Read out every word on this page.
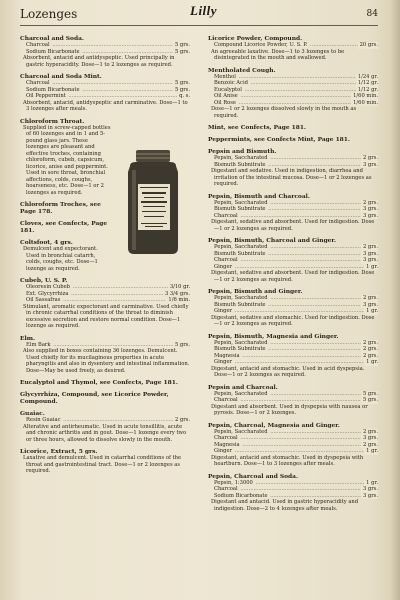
Lozenges	Lilly	84
Charcoal and Soda.
Charcoal	5 grs.
.....
Sodium Bicarbonate	5 grs.
.....
Absorbent, antacid and antidyspeptic. Used principally in gastric hyperacidity. Dose—1 to 2 lozenges as required.
Charcoal and Soda Mint.
Charcoal	5 grs.
.....
Sodium Bicarbonate	5 grs.
.....
Oil Peppermint	q. s.
.....
Absorbent, antacid, antidyspeptic and carminative. Dose—1 to 3 lozenges after meals.
Chloroform Throat.
Supplied in screw-capped bottles of 60 lozenges and in 1 and 5-pound glass jars. These lozenges are pleasant and effective troches, containing chloroform, cubeb, capsicum, licorice, anise and peppermint. Used in sore throat, bronchial affections, colds, coughs, hoarseness, etc. Dose—1 or 2 lozenges as required.
Chloroform Troches, see Page 178.
Cloves, see Confects, Page 181.
Coltsfoot, 4 grs.
Demulcent and expectorant. Used in bronchial catarrh, colds, coughs, etc. Dose—1 lozenge as required.
Cubeb, U. S. P.
Oleoresin Cubeb	3/10 gr.
.....
Ext. Glycyrrhiza	3 3/4 grs.
.....
Oil Sassafras	1/6 min.
.....
Stimulant, aromatic expectorant and carminative. Used chiefly in chronic catarrhal conditions of the throat to diminish excessive secretion and restore normal condition. Dose—1 lozenge as required.
Elm.
Elm Bark	5 grs.
.....
Also supplied in boxes containing 36 lozenges. Demulcent. Used chiefly for its mucilaginous properties in acute pharyngitis and also in dysentery and intestinal inflammation. Dose—May be used freely, as desired.
Eucalyptol and Thymol, see Confects, Page 181.
Glycyrrhiza, Compound, see Licorice Powder, Compound.
Guaiac.
Resin Guaiac	2 grs.
.....
Alterative and antirheumatic. Used in acute tonsillitis, acute and chronic arthritis and in gout. Dose—1 lozenge every two or three hours, allowed to dissolve slowly in the mouth.
Licorice, Extract, 5 grs.
Laxative and demulcent. Used in catarrhal conditions of the throat and gastrointestinal tract. Dose—1 or 2 lozenges as required.
Licorice Powder, Compound.
Compound Licorice Powder, U. S. P.	20 grs.
.....
An agreeable laxative. Dose—1 to 3 lozenges to be disintegrated in the mouth and swallowed.
Mentholated Cough.
Menthol	1/24 gr.
.....
Benzoic Acid	1/12 gr.
.....
Eucalyptol	1/12 gr.
.....
Oil Anise	1/60 min.
.....
Oil Rose	1/60 min.
.....
Dose—1 or 2 lozenges dissolved slowly in the mouth as required.
Mint, see Confects, Page 181.
Peppermints, see Confects Mint, Page 181.
Pepsin and Bismuth.
Pepsin, Saccharated	2 grs.
.....
Bismuth Subnitrate	3 grs.
.....
Digestant and sedative. Used in indigestion, diarrhea and irritation of the intestinal mucosa. Dose—1 or 2 lozenges as required.
Pepsin, Bismuth and Charcoal.
Pepsin, Saccharated	2 grs.
.....
Bismuth Subnitrate	3 grs.
.....
Charcoal	3 grs.
.....
Digestant, sedative and absorbent. Used for indigestion. Dose—1 or 2 lozenges as required.
Pepsin, Bismuth, Charcoal and Ginger.
Pepsin, Saccharated	2 grs.
.....
Bismuth Subnitrate	3 grs.
.....
Charcoal	3 grs.
.....
Ginger	1 gr.
.....
Digestant, sedative and absorbent. Used for indigestion. Dose—1 or 2 lozenges as required.
Pepsin, Bismuth and Ginger.
Pepsin, Saccharated	2 grs.
.....
Bismuth Subnitrate	3 grs.
.....
Ginger	1 gr.
.....
Digestant, sedative and stomachic. Used for indigestion. Dose—1 or 2 lozenges as required.
Pepsin, Bismuth, Magnesia and Ginger.
Pepsin, Saccharated	2 grs.
.....
Bismuth Subnitrate	2 grs.
.....
Magnesia	2 grs.
.....
Ginger	1 gr.
.....
Digestant, antacid and stomachic. Used in acid dyspepsia. Dose—1 or 2 lozenges as required.
Pepsin and Charcoal.
Pepsin, Saccharated	5 grs.
.....
Charcoal	5 grs.
.....
Digestant and absorbent. Used in dyspepsia with nausea or pyrosis. Dose—1 or 2 lozenges.
Pepsin, Charcoal, Magnesia and Ginger.
Pepsin, Saccharated	2 grs.
.....
Charcoal	3 grs.
.....
Magnesia	2 grs.
.....
Ginger	1 gr.
.....
Digestant, antacid and stomachic. Used in dyspepsia with heartburn. Dose—1 to 3 lozenges after meals.
Pepsin, Charcoal and Soda.
Pepsin, 1:3000	1 gr.
.....
Charcoal	3 grs.
.....
Sodium Bicarbonate	3 grs.
.....
Digestant and antacid. Used in gastric hyperacidity and indigestion. Dose—2 to 4 lozenges after meals.
